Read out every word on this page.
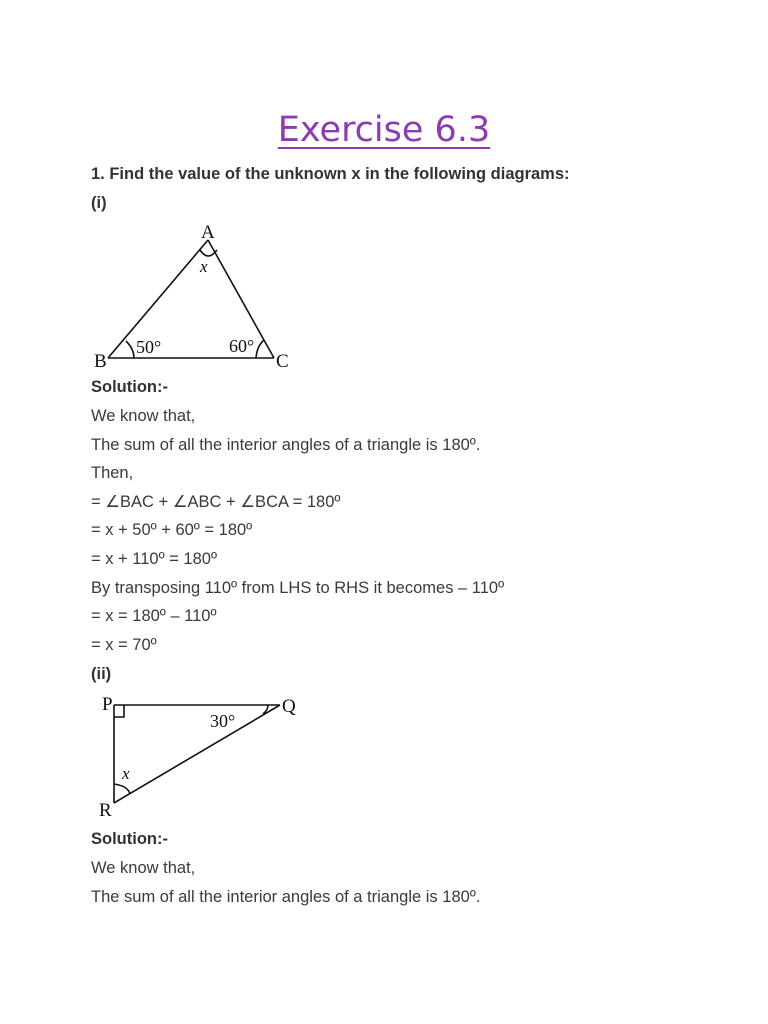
Exercise 6.3

1. Find the value of the unknown x in the following diagrams:

(i)

A
B	C
x
50°	60°

Solution:-

We know that,

The sum of all the interior angles of a triangle is 180º.

Then,

= ∠BAC + ∠ABC + ∠BCA = 180º

= x + 50º + 60º = 180º

= x + 110º = 180º

By transposing 110º from LHS to RHS it becomes – 110º

= x = 180º – 110º

= x = 70º

(ii)

P	Q
R
30°
x

Solution:-

We know that,

The sum of all the interior angles of a triangle is 180º.
